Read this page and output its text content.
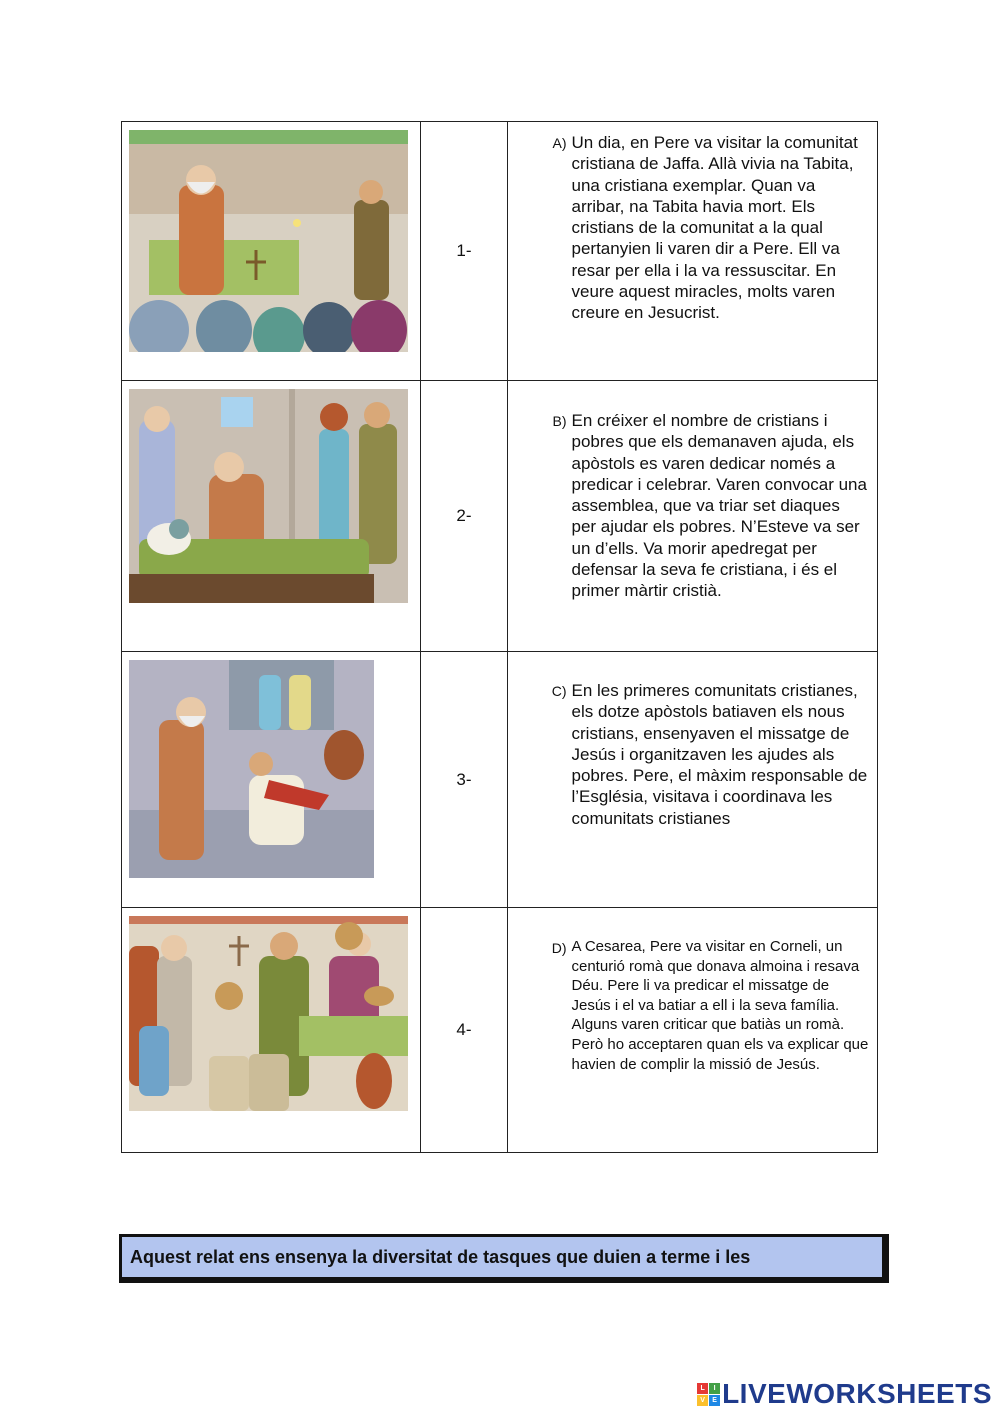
	1-	A) Un dia, en Pere va visitar la comunitat cristiana de Jaffa. Allà vivia na Tabita, una cristiana exemplar. Quan va arribar, na Tabita havia mort. Els cristians de la comunitat a la qual pertanyien li varen dir a Pere. Ell va resar per ella i la va ressuscitar. En veure aquest miracles, molts varen creure en Jesucrist.

	2-	B) En créixer el nombre de cristians i pobres que els demanaven ajuda, els apòstols es varen dedicar només a predicar i celebrar. Varen convocar una assemblea, que va triar set diaques per ajudar els pobres. N’Esteve va ser un d’ells. Va morir apedregat per defensar la seva fe cristiana, i és el primer màrtir cristià.

	3-	C) En les primeres comunitats cristianes, els dotze apòstols batiaven els nous cristians, ensenyaven el missatge de Jesús i organitzaven les ajudes als pobres. Pere, el màxim responsable de l’Església, visitava i coordinava les comunitats cristianes

	4-	D) A Cesarea, Pere va visitar en Corneli, un centurió romà que donava almoina i resava Déu. Pere li va predicar el missatge de Jesús i el va batiar a ell i la seva família. Alguns varen criticar que batiàs un romà. Però ho acceptaren quan els va explicar que havien de complir la missió de Jesús.
Aquest relat ens ensenya la diversitat de tasques que duien a terme i les
L	I
V	E LIVEWORKSHEETS
